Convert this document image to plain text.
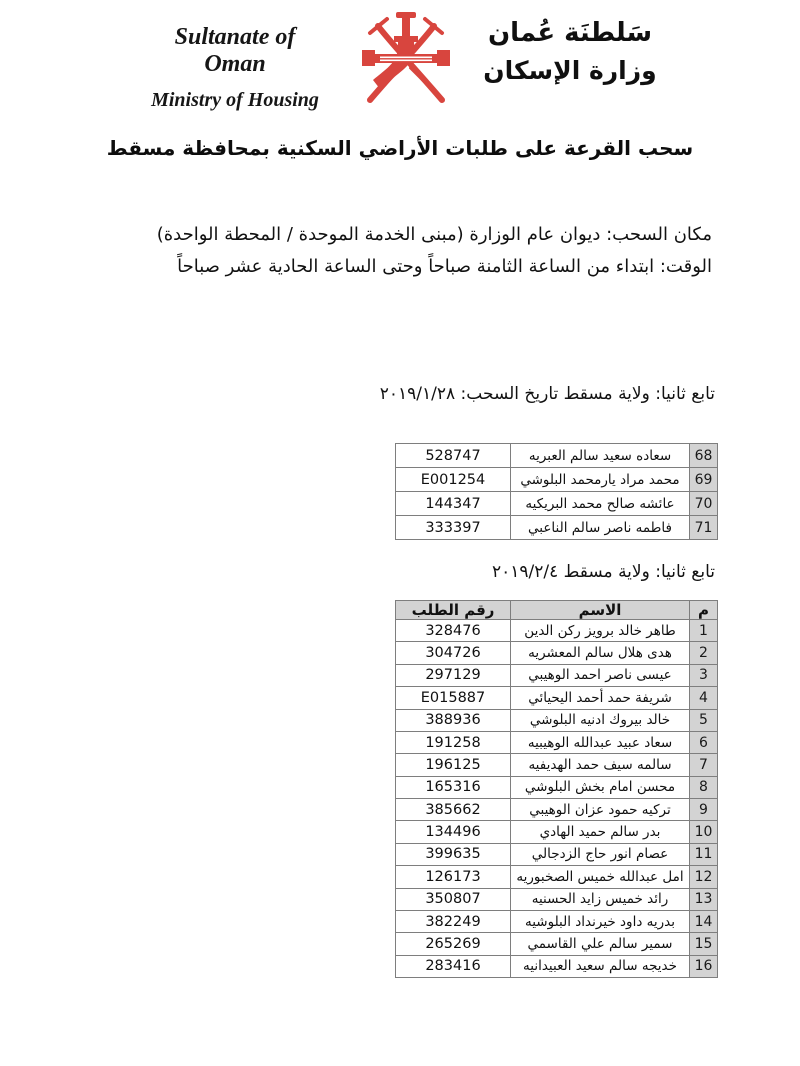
Sultanate of Oman
Ministry of Housing
سَلطنَة عُمان
وزارة الإسكان
سحب القرعة على طلبات الأراضي السكنية بمحافظة مسقط
مكان السحب: ديوان عام الوزارة (مبنى الخدمة الموحدة / المحطة الواحدة)
الوقت: ابتداء من الساعة الثامنة صباحاً وحتى الساعة الحادية عشر صباحاً
تابع ثانيا: ولاية مسقط تاريخ السحب: ٢٠١٩/١/٢٨
68	سعاده سعيد سالم العبريه	528747
69	محمد مراد يارمحمد البلوشي	E001254
70	عائشه صالح محمد البريكيه	144347
71	فاطمه ناصر سالم الناعبي	333397
تابع ثانيا: ولاية مسقط ٢٠١٩/٢/٤
م	الاسم	رقم الطلب
1	طاهر خالد برويز ركن الدين	328476
2	هدى هلال سالم المعشريه	304726
3	عيسى ناصر احمد الوهيبي	297129
4	شريفة حمد أحمد اليحيائي	E015887
5	خالد بيروك ادنيه البلوشي	388936
6	سعاد عبيد عبدالله الوهيبيه	191258
7	سالمه سيف حمد الهديفيه	196125
8	محسن امام بخش البلوشي	165316
9	تركيه حمود عزان الوهيبي	385662
10	بدر سالم حميد الهادي	134496
11	عصام انور حاج الزدجالي	399635
12	امل عبدالله خميس الصخبوريه	126173
13	رائد خميس زايد الحسنيه	350807
14	بدريه داود خيرنداد البلوشيه	382249
15	سمير سالم علي القاسمي	265269
16	خديجه سالم سعيد العبيدانيه	283416
